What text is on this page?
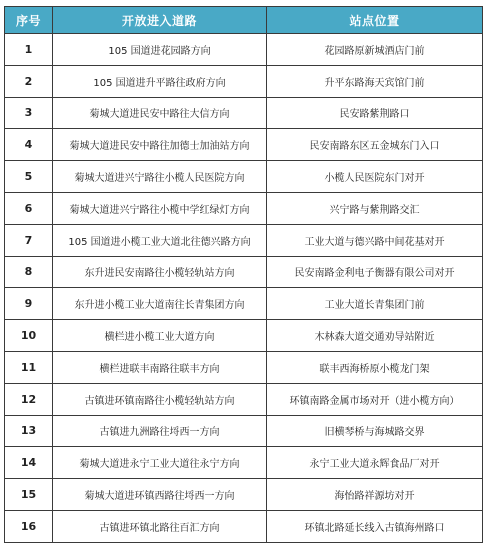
序号	开放进入道路	站点位置
1	105 国道进花园路方向	花园路原新城酒店门前
2	105 国道进升平路往政府方向	升平东路海天宾馆门前
3	菊城大道进民安中路往大信方向	民安路紫荆路口
4	菊城大道进民安中路往加德士加油站方向	民安南路东区五金城东门入口
5	菊城大道进兴宁路往小榄人民医院方向	小榄人民医院东门对开
6	菊城大道进兴宁路往小榄中学红绿灯方向	兴宁路与紫荆路交汇
7	105 国道进小榄工业大道北往德兴路方向	工业大道与德兴路中间花基对开
8	东升进民安南路往小榄轻轨站方向	民安南路金利电子衡器有限公司对开
9	东升进小榄工业大道南往长青集团方向	工业大道长青集团门前
10	横栏进小榄工业大道方向	木林森大道交通劝导站附近
11	横栏进联丰南路往联丰方向	联丰西海桥原小榄龙门架
12	古镇进环镇南路往小榄轻轨站方向	环镇南路金属市场对开（进小榄方向）
13	古镇进九洲路往埒西一方向	旧横琴桥与海城路交界
14	菊城大道进永宁工业大道往永宁方向	永宁工业大道永辉食品厂对开
15	菊城大道进环镇西路往埒西一方向	海怡路祥源坊对开
16	古镇进环镇北路往百汇方向	环镇北路延长线入古镇海州路口
